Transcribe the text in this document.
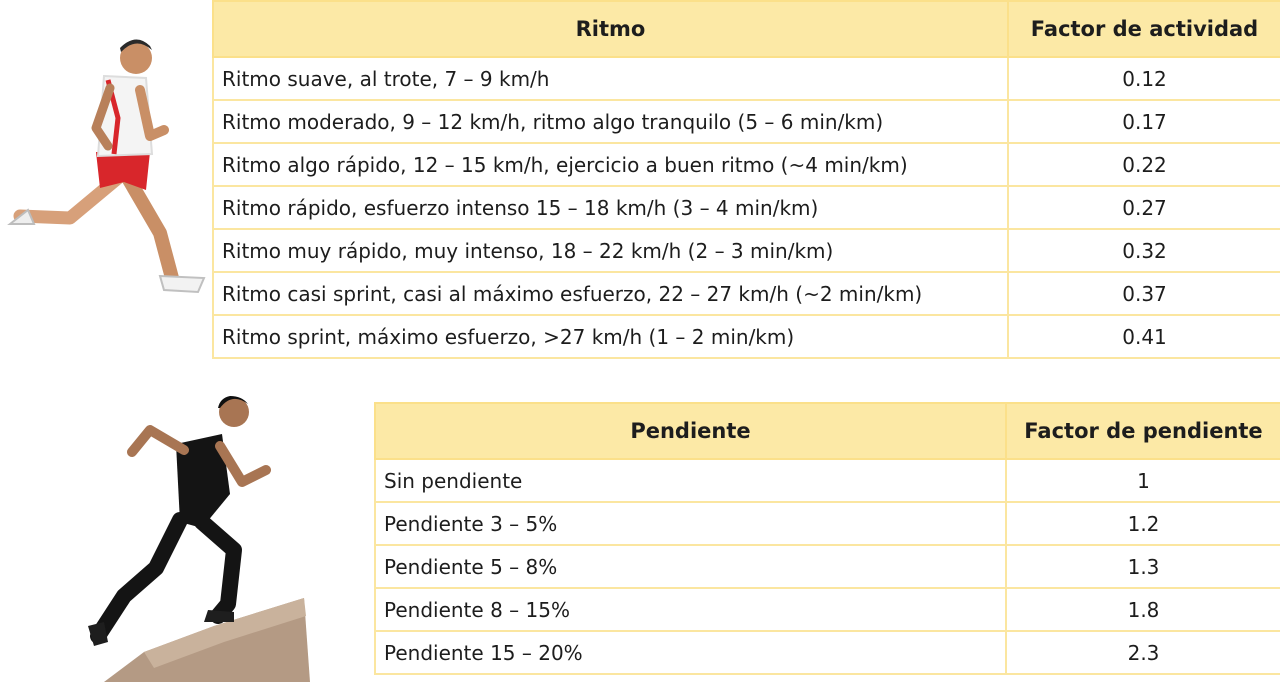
Ritmo	Factor de actividad
Ritmo suave, al trote, 7 – 9 km/h	0.12
Ritmo moderado, 9 – 12 km/h, ritmo algo tranquilo (5 – 6 min/km)	0.17
Ritmo algo rápido, 12 – 15 km/h, ejercicio a buen ritmo (~4 min/km)	0.22
Ritmo rápido, esfuerzo intenso 15 – 18 km/h (3 – 4 min/km)	0.27
Ritmo muy rápido, muy intenso, 18 – 22 km/h (2 – 3 min/km)	0.32
Ritmo casi sprint, casi al máximo esfuerzo, 22 – 27 km/h (~2 min/km)	0.37
Ritmo sprint, máximo esfuerzo, >27 km/h (1 – 2 min/km)	0.41
Pendiente	Factor de pendiente
Sin pendiente	1
Pendiente 3 – 5%	1.2
Pendiente 5 – 8%	1.3
Pendiente 8 – 15%	1.8
Pendiente 15 – 20%	2.3
